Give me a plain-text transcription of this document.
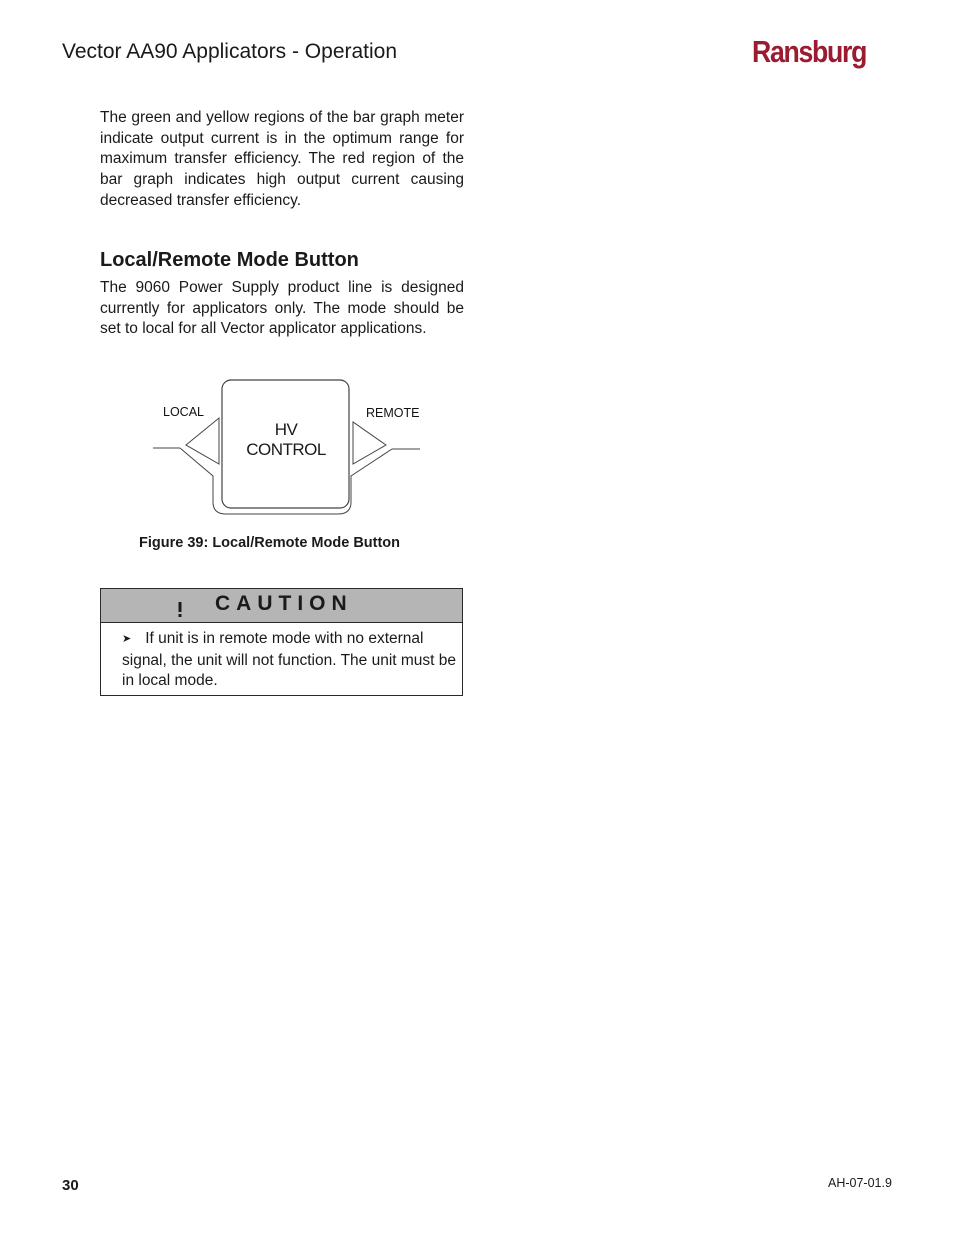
Vector AA90 Applicators - Operation	Ransburg

The green and yellow regions of the bar graph meter indicate output current is in the optimum range for maximum transfer efficiency. The red region of the bar graph indicates high output current causing decreased transfer efficiency.

Local/Remote Mode Button

The 9060 Power Supply product line is designed currently for applicators only. The mode should be set to local for all Vector applicator applications.

LOCAL	REMOTE
HV
CONTROL
Figure 39: Local/Remote Mode Button
CAUTION
➤ If unit is in remote mode with no external signal, the unit will not function. The unit must be in local mode.
30	AH-07-01.9
